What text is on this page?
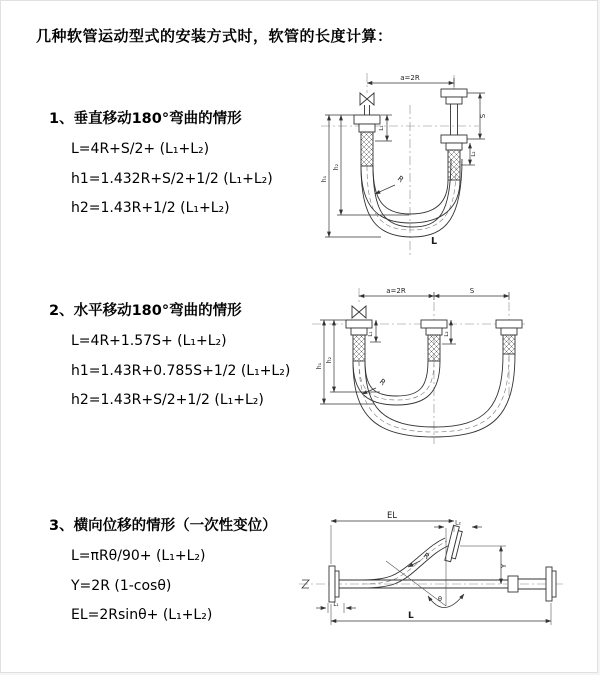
几种软管运动型式的安装方式时，软管的长度计算：
1、垂直移动180°弯曲的情形
L=4R+S/2+ (L₁+L₂)
h1=1.432R+S/2+1/2 (L₁+L₂)
h2=1.43R+1/2 (L₁+L₂)
a=2R
S
L₂
L₁
h₁
h₂
R
L
2、水平移动180°弯曲的情形
L=4R+1.57S+ (L₁+L₂)
h1=1.43R+0.785S+1/2 (L₁+L₂)
h2=1.43R+S/2+1/2 (L₁+L₂)
a=2R	S
L₁	L₂
h₁
h₂
R
3、横向位移的情形（一次性变位）
L=πRθ/90+ (L₁+L₂)
Y=2R (1-cosθ)
EL=2Rsinθ+ (L₁+L₂)
EL
L₂
Y
L
L₁
R
θ
